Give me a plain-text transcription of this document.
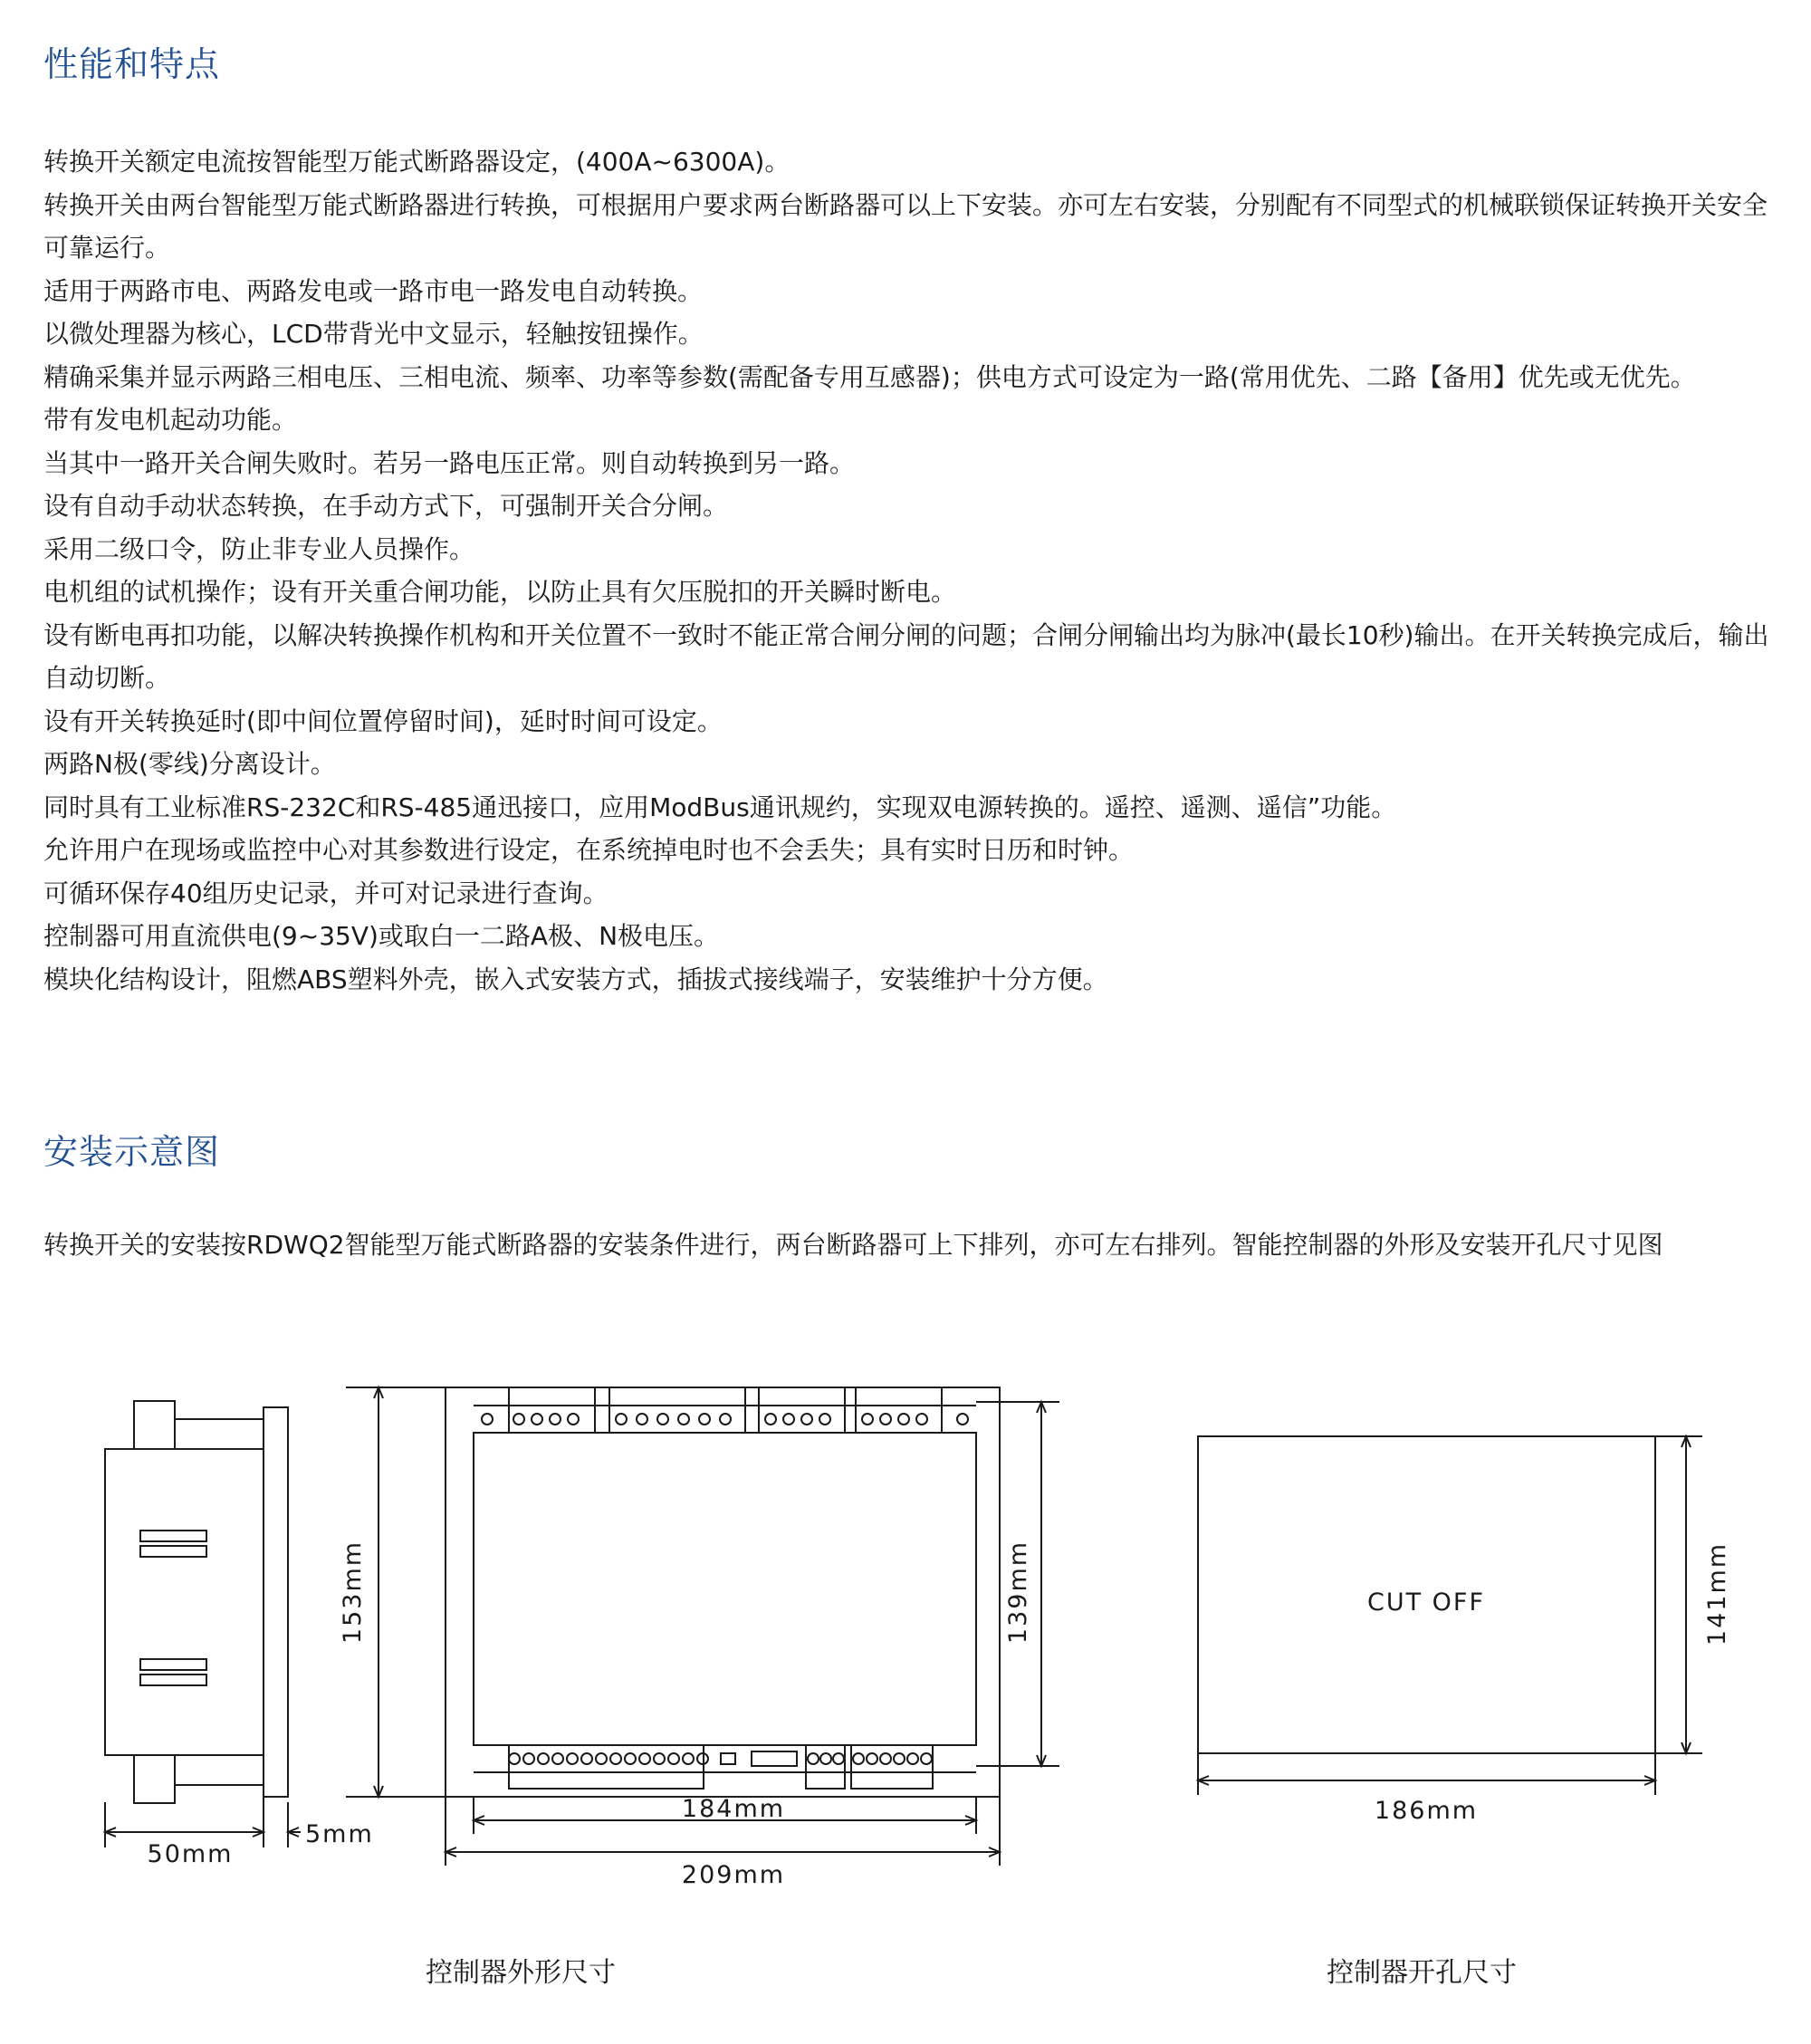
性能和特点
转换开关额定电流按智能型万能式断路器设定，(400A~6300A)。
转换开关由两台智能型万能式断路器进行转换，可根据用户要求两台断路器可以上下安装。亦可左右安装，分别配有不同型式的机械联锁保证转换开关安全可靠运行。
适用于两路市电、两路发电或一路市电一路发电自动转换。
以微处理器为核心，LCD带背光中文显示，轻触按钮操作。
精确采集并显示两路三相电压、三相电流、频率、功率等参数(需配备专用互感器)；供电方式可设定为一路(常用优先、二路【备用】优先或无优先。
带有发电机起动功能。
当其中一路开关合闸失败时。若另一路电压正常。则自动转换到另一路。
设有自动手动状态转换，在手动方式下，可强制开关合分闸。
采用二级口令，防止非专业人员操作。
电机组的试机操作；设有开关重合闸功能，以防止具有欠压脱扣的开关瞬时断电。
设有断电再扣功能，以解决转换操作机构和开关位置不一致时不能正常合闸分闸的问题；合闸分闸输出均为脉冲(最长10秒)输出。在开关转换完成后，输出自动切断。
设有开关转换延时(即中间位置停留时间)，延时时间可设定。
两路N极(零线)分离设计。
同时具有工业标准RS-232C和RS-485通迅接口，应用ModBus通讯规约，实现双电源转换的。遥控、遥测、遥信”功能。
允许用户在现场或监控中心对其参数进行设定，在系统掉电时也不会丢失；具有实时日历和时钟。
可循环保存40组历史记录，并可对记录进行查询。
控制器可用直流供电(9~35V)或取白一二路A极、N极电压。
模块化结构设计，阻燃ABS塑料外壳，嵌入式安装方式，插拔式接线端子，安装维护十分方便。
安装示意图

转换开关的安装按RDWQ2智能型万能式断路器的安装条件进行，两台断路器可上下排列，亦可左右排列。智能控制器的外形及安装开孔尺寸见图

50mm
5mm
153mm	139mm
184mm
209mm
CUT OFF	141mm
186mm
控制器外形尺寸	控制器开孔尺寸
